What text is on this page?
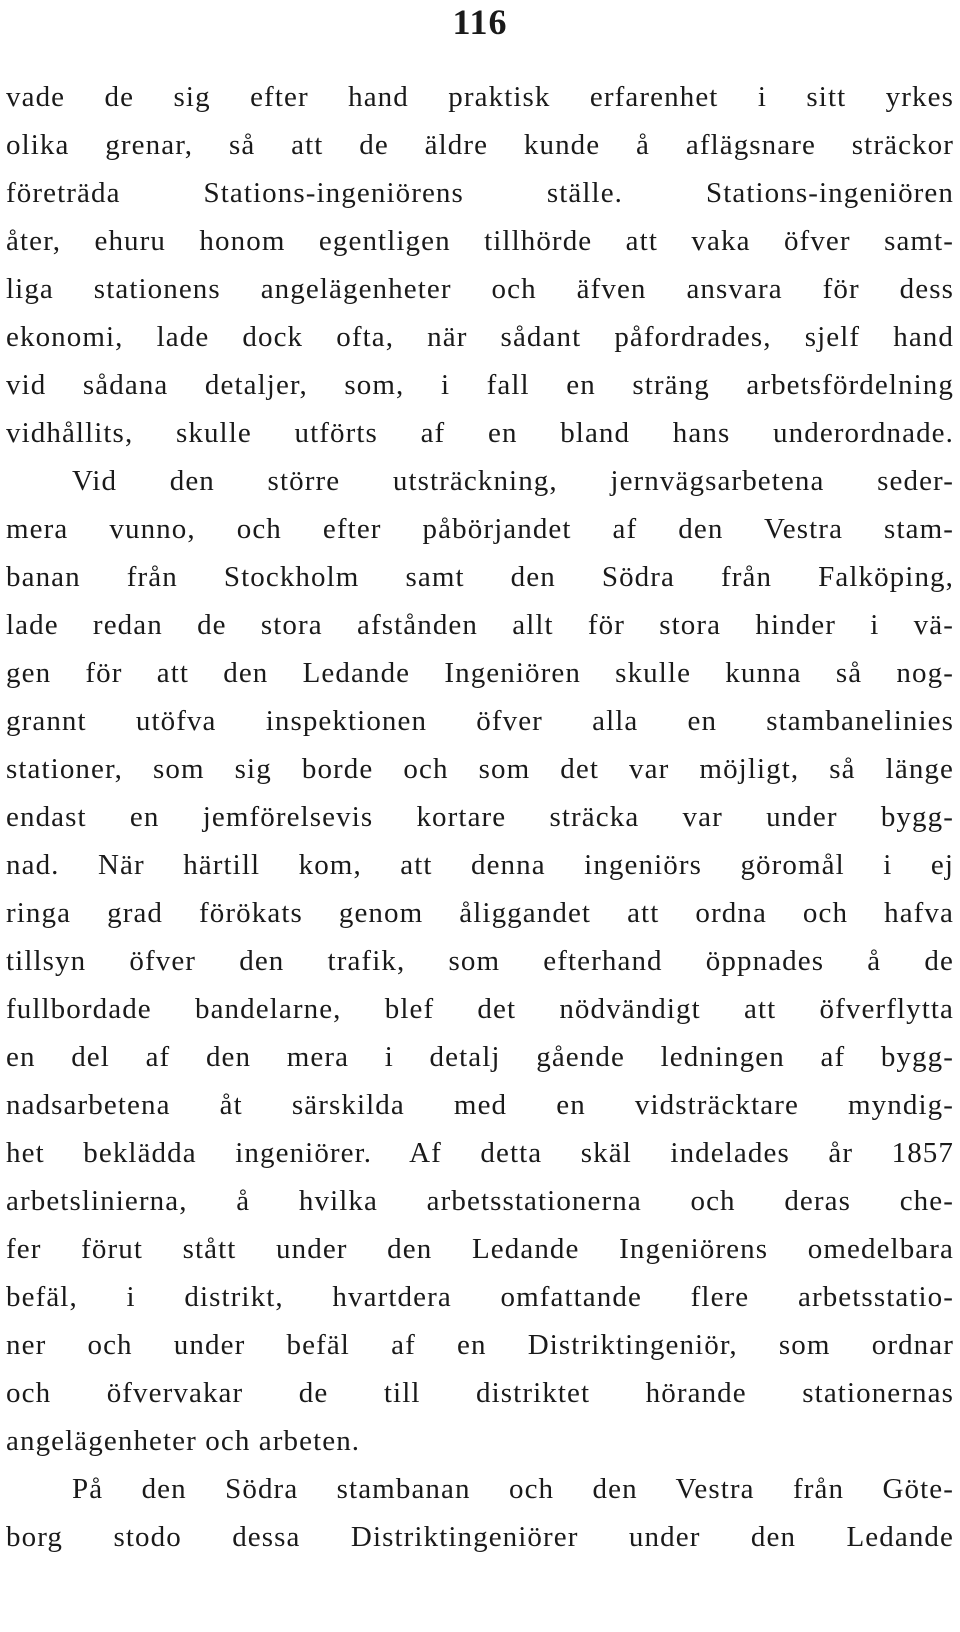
116
vade de sig efter hand praktisk erfarenhet i sitt yrkes
olika grenar, så att de äldre kunde å aflägsnare sträckor
företräda Stations-ingeniörens ställe. Stations-ingeniören
åter, ehuru honom egentligen tillhörde att vaka öfver samt-
liga stationens angelägenheter och äfven ansvara för dess
ekonomi, lade dock ofta, när sådant påfordrades, sjelf hand
vid sådana detaljer, som, i fall en sträng arbetsfördelning
vidhållits, skulle utförts af en bland hans underordnade.
Vid den större utsträckning, jernvägsarbetena seder-
mera vunno, och efter påbörjandet af den Vestra stam-
banan från Stockholm samt den Södra från Falköping,
lade redan de stora afstånden allt för stora hinder i vä-
gen för att den Ledande Ingeniören skulle kunna så nog-
grannt utöfva inspektionen öfver alla en stambanelinies
stationer, som sig borde och som det var möjligt, så länge
endast en jemförelsevis kortare sträcka var under bygg-
nad. När härtill kom, att denna ingeniörs göromål i ej
ringa grad förökats genom åliggandet att ordna och hafva
tillsyn öfver den trafik, som efterhand öppnades å de
fullbordade bandelarne, blef det nödvändigt att öfverflytta
en del af den mera i detalj gående ledningen af bygg-
nadsarbetena åt särskilda med en vidsträcktare myndig-
het beklädda ingeniörer. Af detta skäl indelades år 1857
arbetslinierna, å hvilka arbetsstationerna och deras che-
fer förut stått under den Ledande Ingeniörens omedelbara
befäl, i distrikt, hvartdera omfattande flere arbetsstatio-
ner och under befäl af en Distriktingeniör, som ordnar
och öfvervakar de till distriktet hörande stationernas
angelägenheter och arbeten.
På den Södra stambanan och den Vestra från Göte-
borg stodo dessa Distriktingeniörer under den Ledande
